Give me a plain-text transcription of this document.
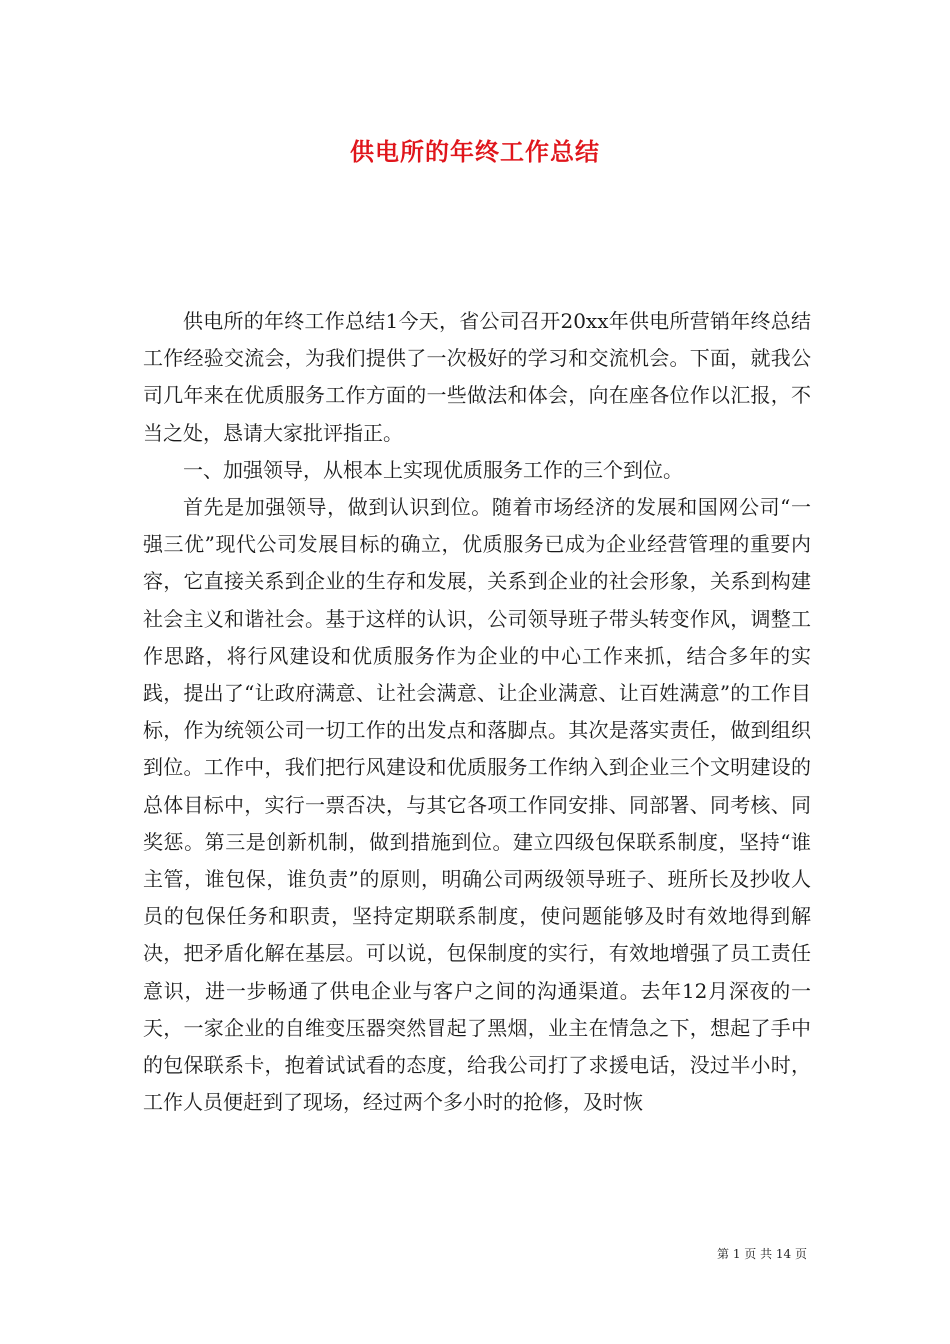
供电所的年终工作总结

供电所的年终工作总结1今天，省公司召开20xx年供电所营销年终总结工作经验交流会，为我们提供了一次极好的学习和交流机会。下面，就我公司几年来在优质服务工作方面的一些做法和体会，向在座各位作以汇报，不当之处，恳请大家批评指正。

一、加强领导，从根本上实现优质服务工作的三个到位。

首先是加强领导，做到认识到位。随着市场经济的发展和国网公司“一强三优”现代公司发展目标的确立，优质服务已成为企业经营管理的重要内容，它直接关系到企业的生存和发展，关系到企业的社会形象，关系到构建社会主义和谐社会。基于这样的认识，公司领导班子带头转变作风，调整工作思路，将行风建设和优质服务作为企业的中心工作来抓，结合多年的实践，提出了“让政府满意、让社会满意、让企业满意、让百姓满意”的工作目标，作为统领公司一切工作的出发点和落脚点。其次是落实责任，做到组织到位。工作中，我们把行风建设和优质服务工作纳入到企业三个文明建设的总体目标中，实行一票否决，与其它各项工作同安排、同部署、同考核、同奖惩。第三是创新机制，做到措施到位。建立四级包保联系制度，坚持“谁主管，谁包保，谁负责”的原则，明确公司两级领导班子、班所长及抄收人员的包保任务和职责，坚持定期联系制度，使问题能够及时有效地得到解决，把矛盾化解在基层。可以说，包保制度的实行，有效地增强了员工责任意识，进一步畅通了供电企业与客户之间的沟通渠道。去年12月深夜的一天，一家企业的自维变压器突然冒起了黑烟，业主在情急之下，想起了手中的包保联系卡，抱着试试看的态度，给我公司打了求援电话，没过半小时，工作人员便赶到了现场，经过两个多小时的抢修，及时恢

第 1 页 共 14 页
